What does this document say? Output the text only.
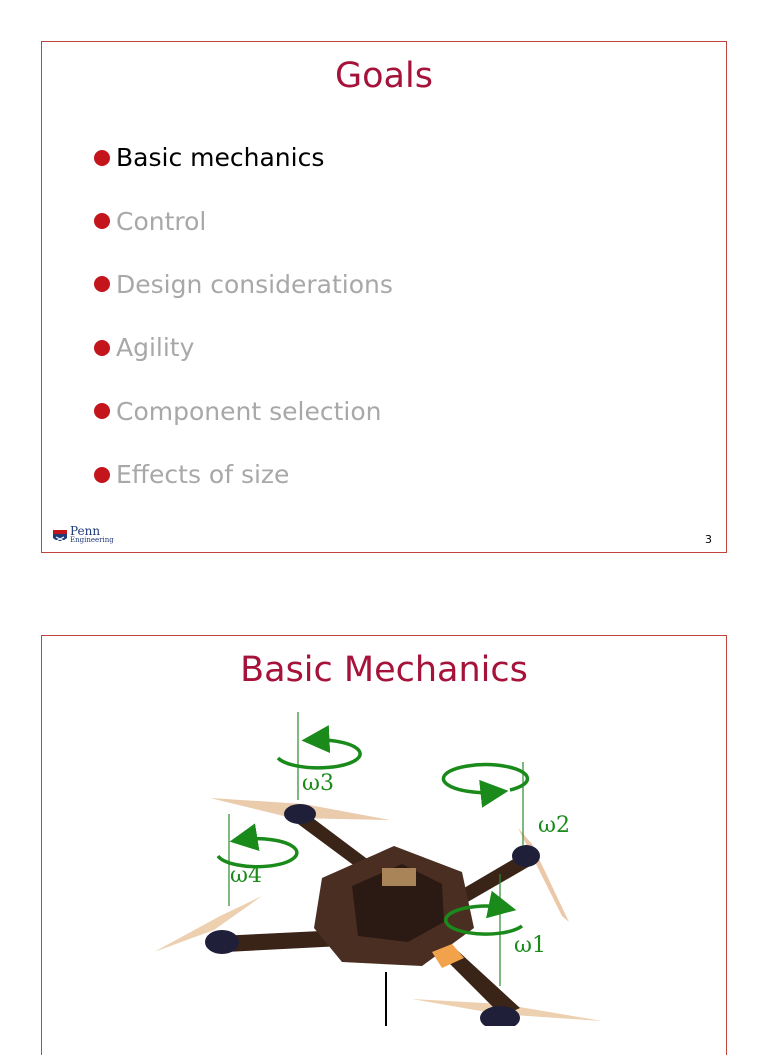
Goals
Basic mechanics
Control
Design considerations
Agility
Component selection
Effects of size
Penn
Engineering	3
Basic Mechanics
ω3
ω2
ω4
ω1
